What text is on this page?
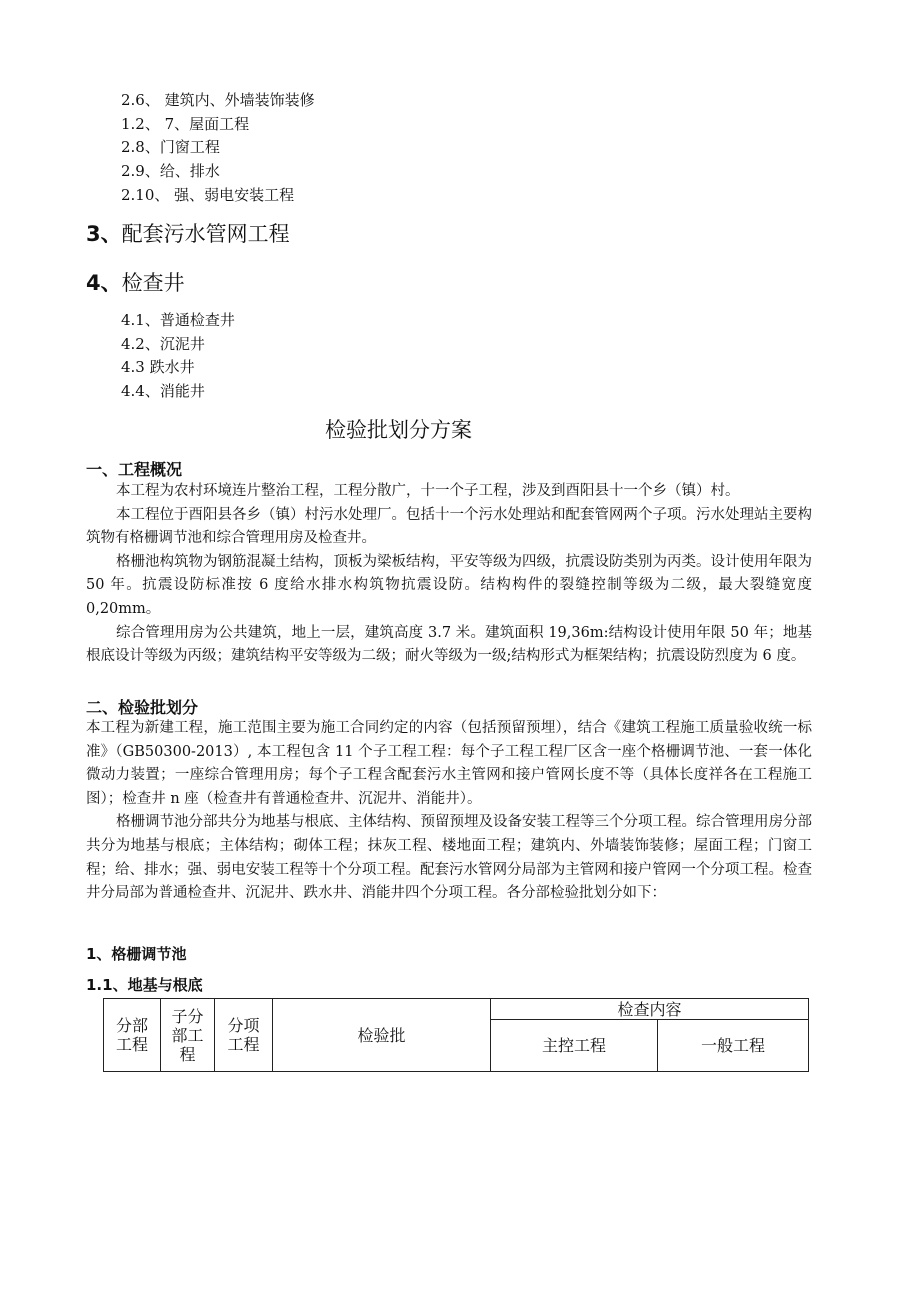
2.6、 建筑内、外墙装饰装修
1.2、 7、屋面工程
2.8、门窗工程
2.9、给、排水
2.10、 强、弱电安装工程
3、配套污水管网工程
4、检查井
4.1、普通检查井
4.2、沉泥井
4.3 跌水井
4.4、消能井
检验批划分方案
一、工程概况

本工程为农村环境连片整治工程，工程分散广，十一个子工程，涉及到酉阳县十一个乡（镇）村。

本工程位于酉阳县各乡（镇）村污水处理厂。包括十一个污水处理站和配套管网两个子项。污水处理站主要构筑物有格栅调节池和综合管理用房及检查井。

格栅池构筑物为钢筋混凝土结构，顶板为梁板结构，平安等级为四级，抗震设防类别为丙类。设计使用年限为 50 年。抗震设防标准按 6 度给水排水构筑物抗震设防。结构构件的裂缝控制等级为二级，最大裂缝宽度 0,20mm。

综合管理用房为公共建筑，地上一层，建筑高度 3.7 米。建筑面积 19,36m:结构设计使用年限 50 年；地基根底设计等级为丙级；建筑结构平安等级为二级；耐火等级为一级;结构形式为框架结构；抗震设防烈度为 6 度。

二、检验批划分

本工程为新建工程，施工范围主要为施工合同约定的内容（包括预留预埋），结合《建筑工程施工质量验收统一标准》（GB50300-2013）, 本工程包含 11 个子工程工程：每个子工程工程厂区含一座个格栅调节池、一套一体化微动力装置；一座综合管理用房；每个子工程含配套污水主管网和接户管网长度不等（具体长度祥各在工程施工图）；检查井 n 座（检查井有普通检查井、沉泥井、消能井）。

格栅调节池分部共分为地基与根底、主体结构、预留预埋及设备安装工程等三个分项工程。综合管理用房分部共分为地基与根底；主体结构；砌体工程；抹灰工程、楼地面工程；建筑内、外墙装饰装修；屋面工程；门窗工程；给、排水；强、弱电安装工程等十个分项工程。配套污水管网分局部为主管网和接户管网一个分项工程。检查井分局部为普通检查井、沉泥井、跌水井、消能井四个分项工程。各分部检验批划分如下：

1、格栅调节池
1.1、地基与根底
分部
工程	子分
部工
程	分项
工程	检验批	检查内容	
				主控工程	一般工程
